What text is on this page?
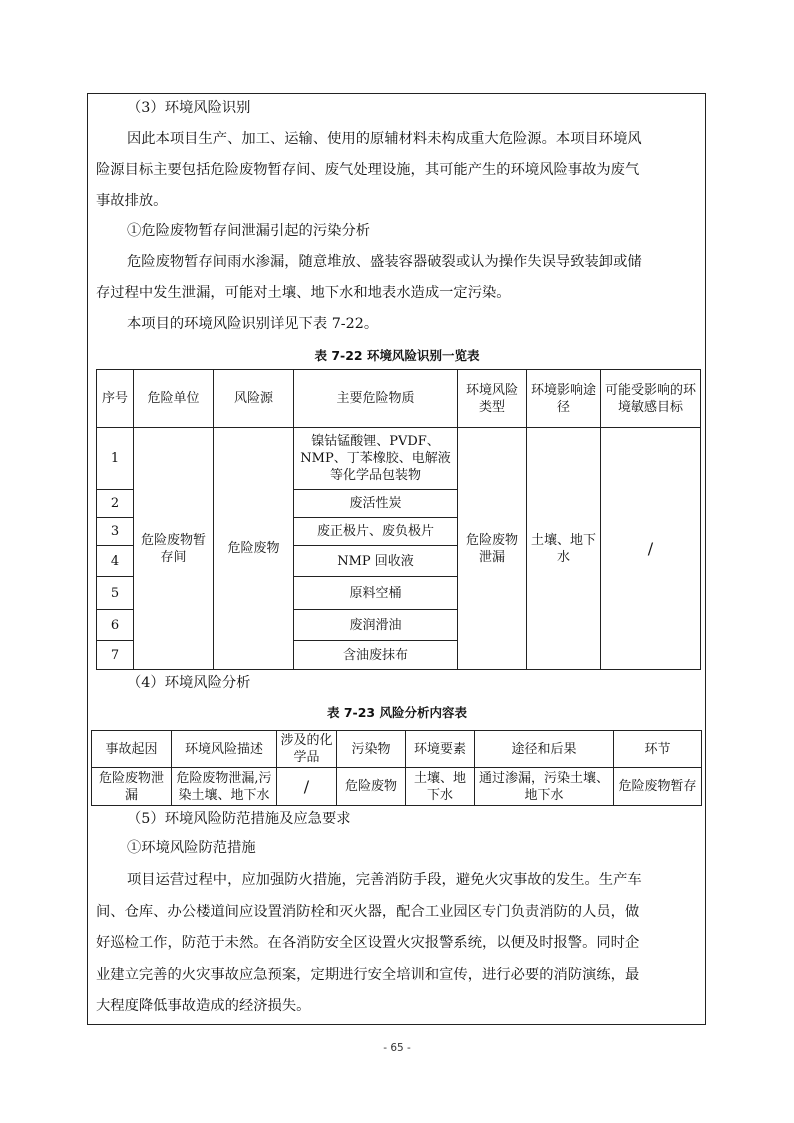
（3）环境风险识别
因此本项目生产、加工、运输、使用的原辅材料未构成重大危险源。本项目环境风
险源目标主要包括危险废物暂存间、废气处理设施，其可能产生的环境风险事故为废气
事故排放。
①危险废物暂存间泄漏引起的污染分析
危险废物暂存间雨水渗漏，随意堆放、盛装容器破裂或认为操作失误导致装卸或储
存过程中发生泄漏，可能对土壤、地下水和地表水造成一定污染。
本项目的环境风险识别详见下表 7-22。
表 7-22 环境风险识别一览表
序号	危险单位	风险源	主要危险物质	环境风险类型	环境影响途径	可能受影响的环境敏感目标
1	危险废物暂存间	危险废物	镍钴锰酸锂、PVDF、NMP、丁苯橡胶、电解液等化学品包装物	危险废物泄漏	土壤、地下水	/
2			废活性炭			
3			废正极片、废负极片			
4			NMP 回收液			
5			原料空桶			
6			废润滑油			
7			含油废抹布			
（4）环境风险分析
表 7-23 风险分析内容表
事故起因	环境风险描述	涉及的化学品	污染物	环境要素	途径和后果	环节
危险废物泄漏	危险废物泄漏,污染土壤、地下水	/	危险废物	土壤、地下水	通过渗漏，污染土壤、地下水	危险废物暂存
（5）环境风险防范措施及应急要求
①环境风险防范措施
项目运营过程中，应加强防火措施，完善消防手段，避免火灾事故的发生。生产车
间、仓库、办公楼道间应设置消防栓和灭火器，配合工业园区专门负责消防的人员，做
好巡检工作，防范于未然。在各消防安全区设置火灾报警系统，以便及时报警。同时企
业建立完善的火灾事故应急预案，定期进行安全培训和宣传，进行必要的消防演练，最
大程度降低事故造成的经济损失。
- 65 -
